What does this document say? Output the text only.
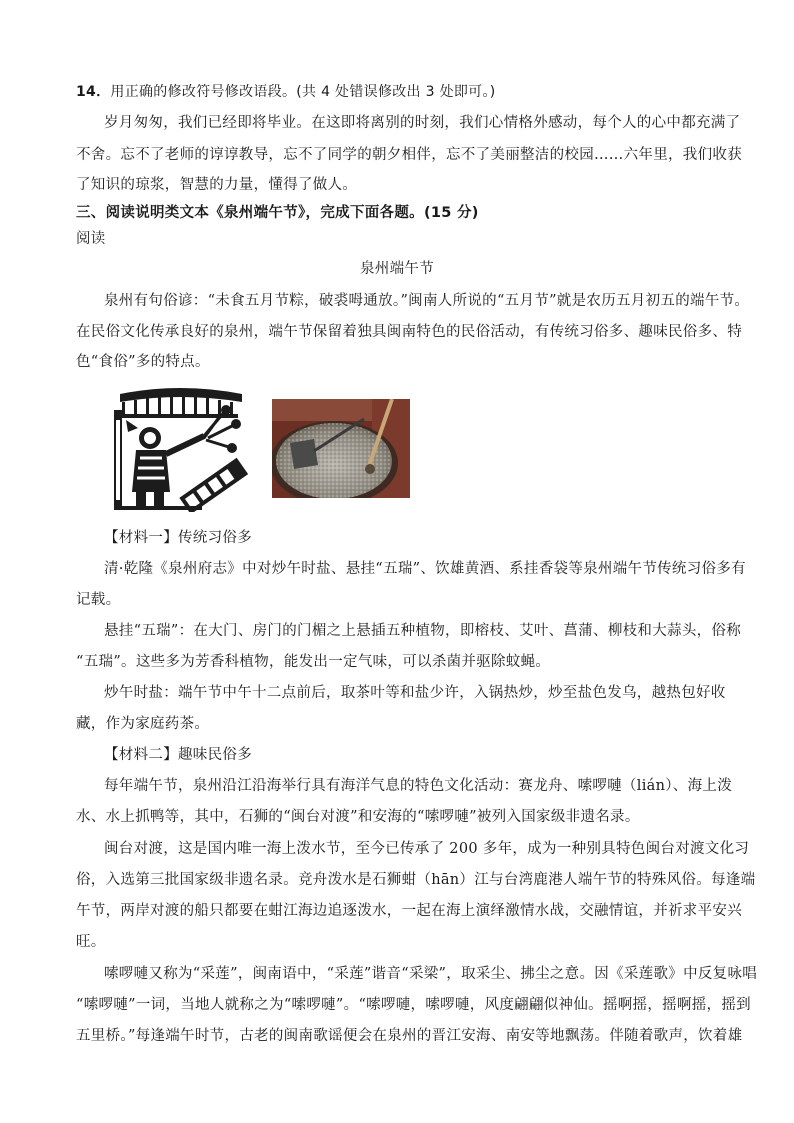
14．用正确的修改符号修改语段。(共 4 处错误修改出 3 处即可。)
岁月匆匆，我们已经即将毕业。在这即将离别的时刻，我们心情格外感动，每个人的心中都充满了
不舍。忘不了老师的谆谆教导，忘不了同学的朝夕相伴，忘不了美丽整洁的校园……六年里，我们收获
了知识的琼浆，智慧的力量，懂得了做人。
三、阅读说明类文本《泉州端午节》，完成下面各题。(15 分)
阅读
泉州端午节
泉州有句俗谚：“未食五月节粽，破裘呣通放。”闽南人所说的“五月节”就是农历五月初五的端午节。
在民俗文化传承良好的泉州，端午节保留着独具闽南特色的民俗活动，有传统习俗多、趣味民俗多、特
色“食俗”多的特点。
【材料一】传统习俗多
清·乾隆《泉州府志》中对炒午时盐、悬挂“五瑞”、饮雄黄酒、系挂香袋等泉州端午节传统习俗多有
记载。
悬挂“五瑞”：在大门、房门的门楣之上悬插五种植物，即榕枝、艾叶、菖蒲、柳枝和大蒜头，俗称
“五瑞”。这些多为芳香科植物，能发出一定气味，可以杀菌并驱除蚊蝇。
炒午时盐：端午节中午十二点前后，取茶叶等和盐少许，入锅热炒，炒至盐色发乌，越热包好收
藏，作为家庭药茶。
【材料二】趣味民俗多
每年端午节，泉州沿江沿海举行具有海洋气息的特色文化活动：赛龙舟、嗦啰嗹（lián）、海上泼
水、水上抓鸭等，其中，石狮的“闽台对渡”和安海的“嗦啰嗹”被列入国家级非遗名录。
闽台对渡，这是国内唯一海上泼水节，至今已传承了 200 多年，成为一种别具特色闽台对渡文化习
俗，入选第三批国家级非遗名录。竞舟泼水是石狮蚶（hān）江与台湾鹿港人端午节的特殊风俗。每逢端
午节，两岸对渡的船只都要在蚶江海边追逐泼水，一起在海上演绎激情水战，交融情谊，并祈求平安兴
旺。
嗦啰嗹又称为“采莲”，闽南语中，“采莲”谐音“采梁”，取采尘、拂尘之意。因《采莲歌》中反复咏唱
“嗦啰嗹”一词，当地人就称之为“嗦啰嗹”。“嗦啰嗹，嗦啰嗹，风度翩翩似神仙。摇啊摇，摇啊摇，摇到
五里桥。”每逢端午时节，古老的闽南歌谣便会在泉州的晋江安海、南安等地飘荡。伴随着歌声，饮着雄
